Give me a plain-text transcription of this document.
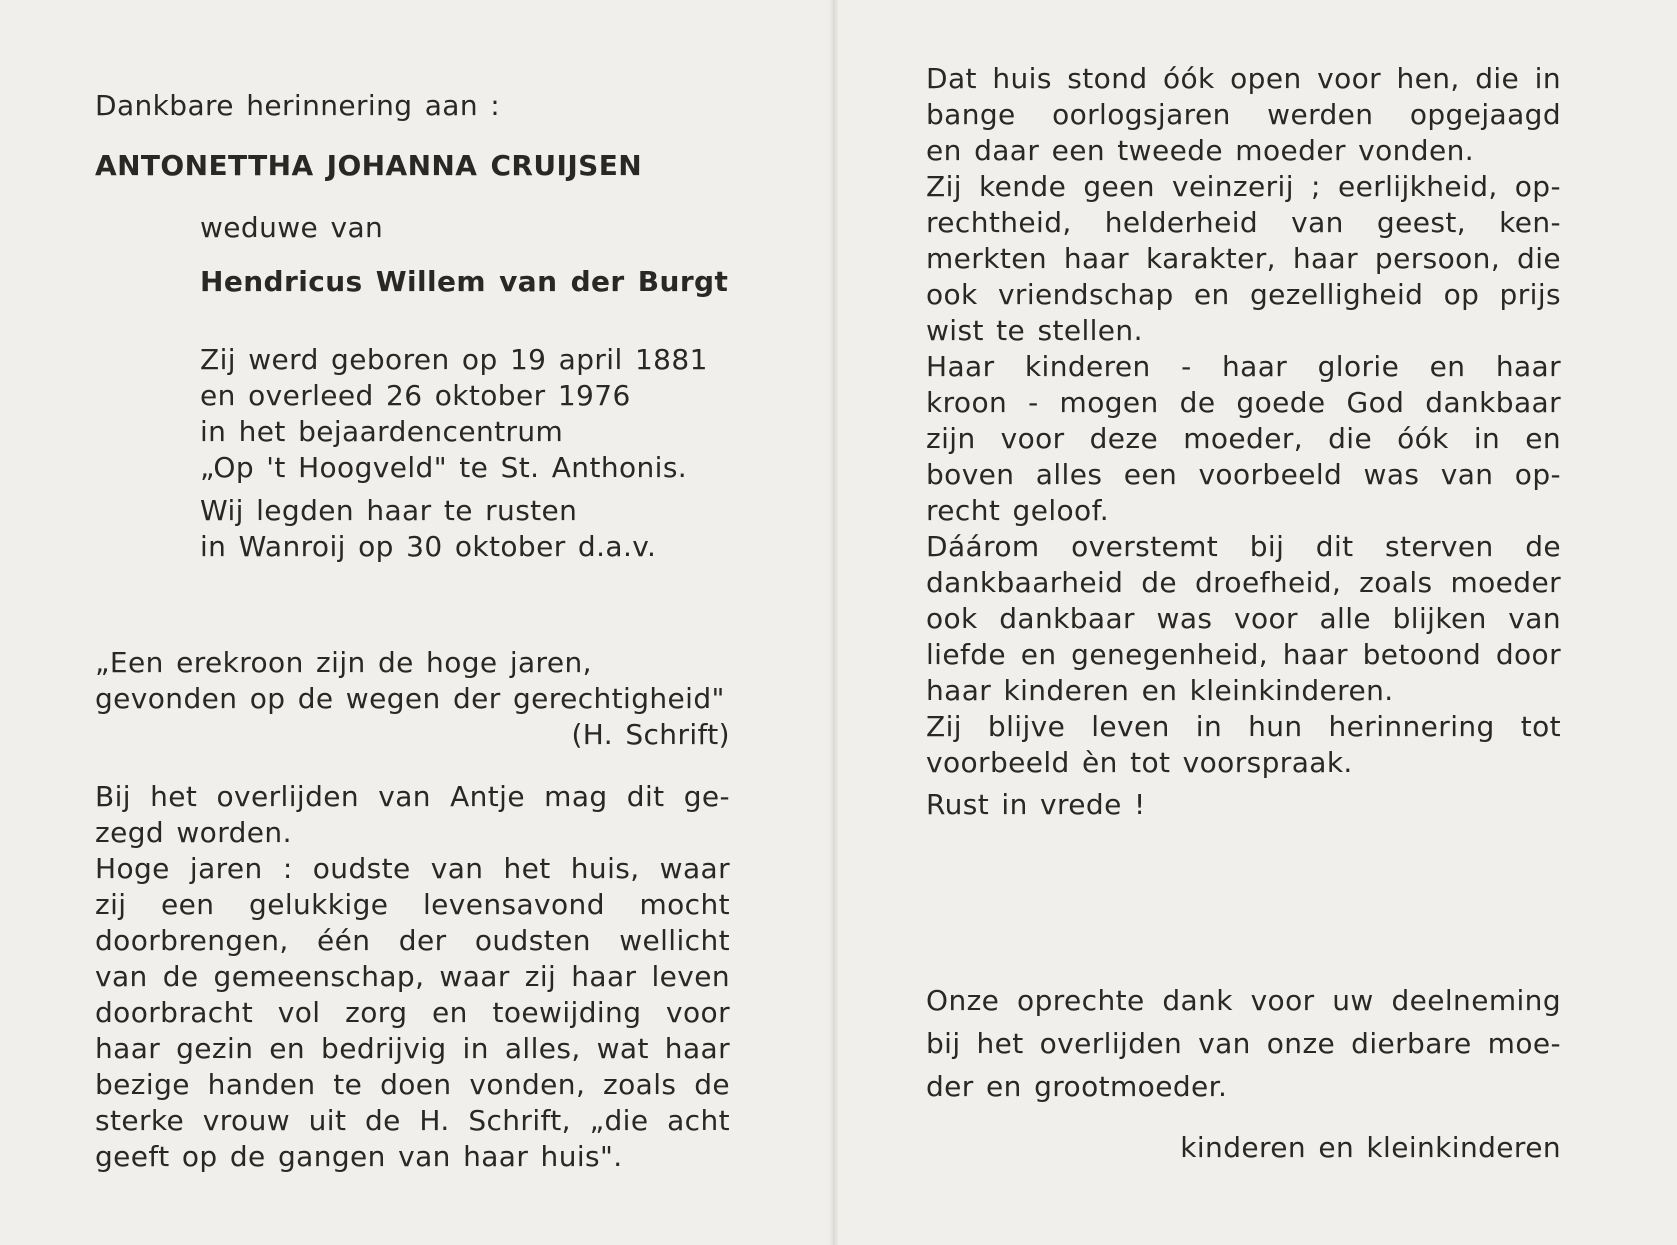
Dankbare herinnering aan :
ANTONETTHA JOHANNA CRUIJSEN
weduwe van
Hendricus Willem van der Burgt
Zij werd geboren op 19 april 1881
en overleed 26 oktober 1976
in het bejaardencentrum
„Op 't Hoogveld" te St. Anthonis.
Wij legden haar te rusten
in Wanroij op 30 oktober d.a.v.
„Een erekroon zijn de hoge jaren,
gevonden op de wegen der gerechtigheid"
(H. Schrift)
Bij het overlijden van Antje mag dit ge-
zegd worden.
Hoge jaren : oudste van het huis, waar
zij een gelukkige levensavond mocht
doorbrengen, één der oudsten wellicht
van de gemeenschap, waar zij haar leven
doorbracht vol zorg en toewijding voor
haar gezin en bedrijvig in alles, wat haar
bezige handen te doen vonden, zoals de
sterke vrouw uit de H. Schrift, „die acht
geeft op de gangen van haar huis".
Dat huis stond óók open voor hen, die in
bange oorlogsjaren werden opgejaagd
en daar een tweede moeder vonden.
Zij kende geen veinzerij ; eerlijkheid, op-
rechtheid, helderheid van geest, ken-
merkten haar karakter, haar persoon, die
ook vriendschap en gezelligheid op prijs
wist te stellen.
Haar kinderen - haar glorie en haar
kroon - mogen de goede God dankbaar
zijn voor deze moeder, die óók in en
boven alles een voorbeeld was van op-
recht geloof.
Dáárom overstemt bij dit sterven de
dankbaarheid de droefheid, zoals moeder
ook dankbaar was voor alle blijken van
liefde en genegenheid, haar betoond door
haar kinderen en kleinkinderen.
Zij blijve leven in hun herinnering tot
voorbeeld èn tot voorspraak.
Rust in vrede !
Onze oprechte dank voor uw deelneming
bij het overlijden van onze dierbare moe-
der en grootmoeder.
kinderen en kleinkinderen
